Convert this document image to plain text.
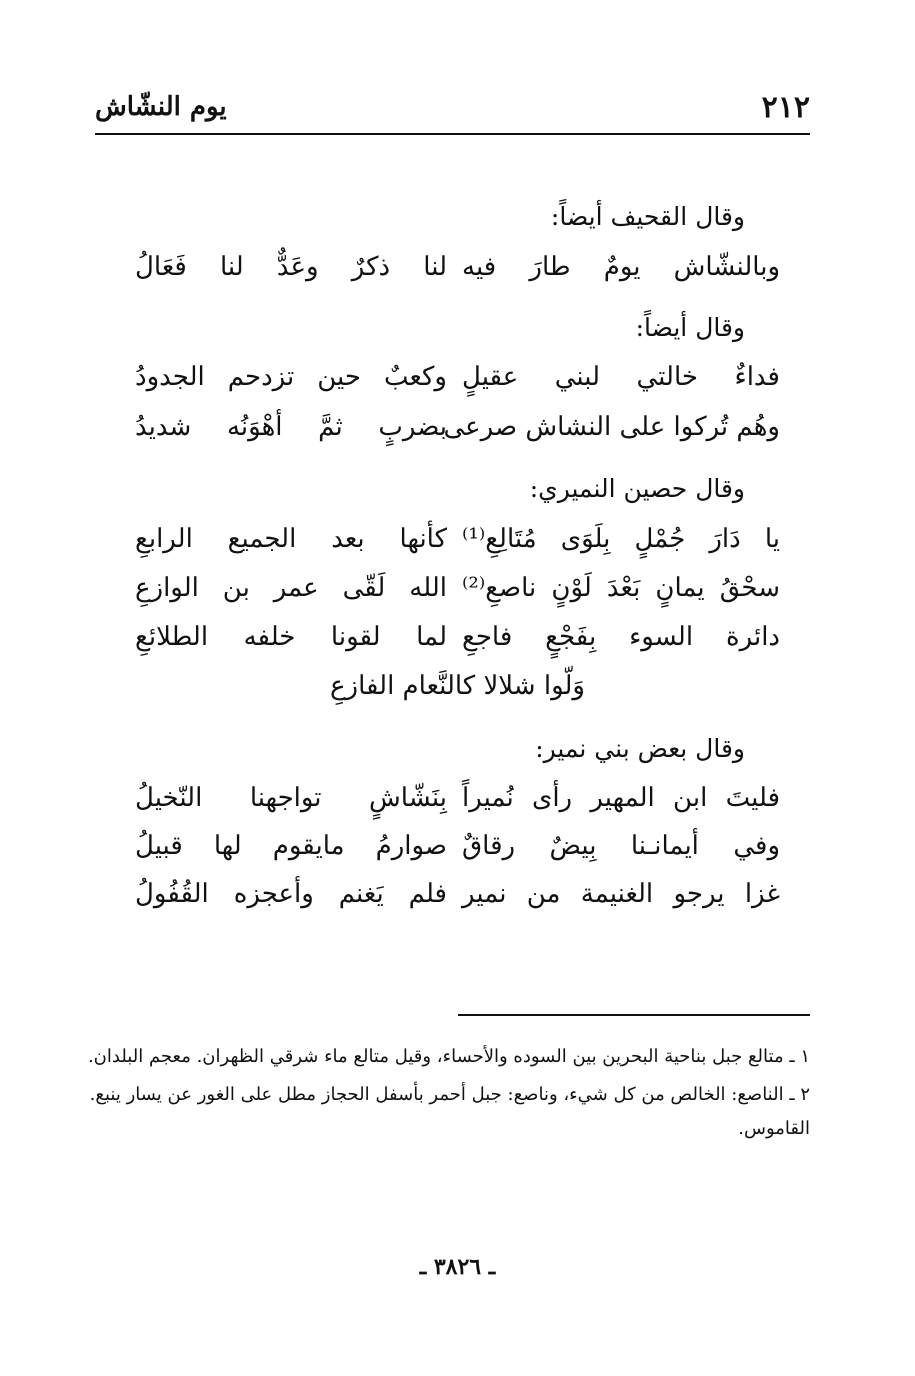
٢١٢
يوم النشّاش
وقال القحيف أيضاً:
وبالنشّاش يومٌ طارَ فيه
لنا ذكرٌ وعَدٌّ لنا فَعَالُ
وقال أيضاً:
فداءٌ خالتي لبني عقيلٍ
وكعبٌ حين تزدحم الجدودُ
وهُم تُركوا على النشاش صرعى
بضربٍ ثمَّ أهْوَنُه شديدُ
وقال حصين النميري:
يا دَارَ جُمْلٍ بِلَوَى مُتَالِعِ⁽¹⁾
كأنها بعد الجميع الرابعِ
سحْقُ يمانٍ بَعْدَ لَوْنٍ ناصعِ⁽²⁾
الله لَقّى عمر بن الوازعِ
دائرة السوء بِفَجْعٍ فاجعِ
لما لقونا خلفه الطلائعِ
وَلّوا شلالا كالنَّعام الفازعِ
وقال بعض بني نمير:
فليتَ ابن المهير رأى نُميراً
بِنَشّاشٍ تواجهنا النّخيلُ
وفي أيمانـنا بِيضٌ رقاقٌ
صوارمُ مايقوم لها قبيلُ
غزا يرجو الغنيمة من نمير
فلم يَغنم وأعجزه القُفُولُ

١ ـ متالع جبل بناحية البحرين بين السوده والأحساء، وقيل متالع ماء شرقي الظهران. معجم البلدان.

٢ ـ الناصع: الخالص من كل شيء، وناصع: جبل أحمر بأسفل الحجاز مطل على الغور عن يسار ينبع. القاموس.

ـ ٣٨٢٦ ـ
